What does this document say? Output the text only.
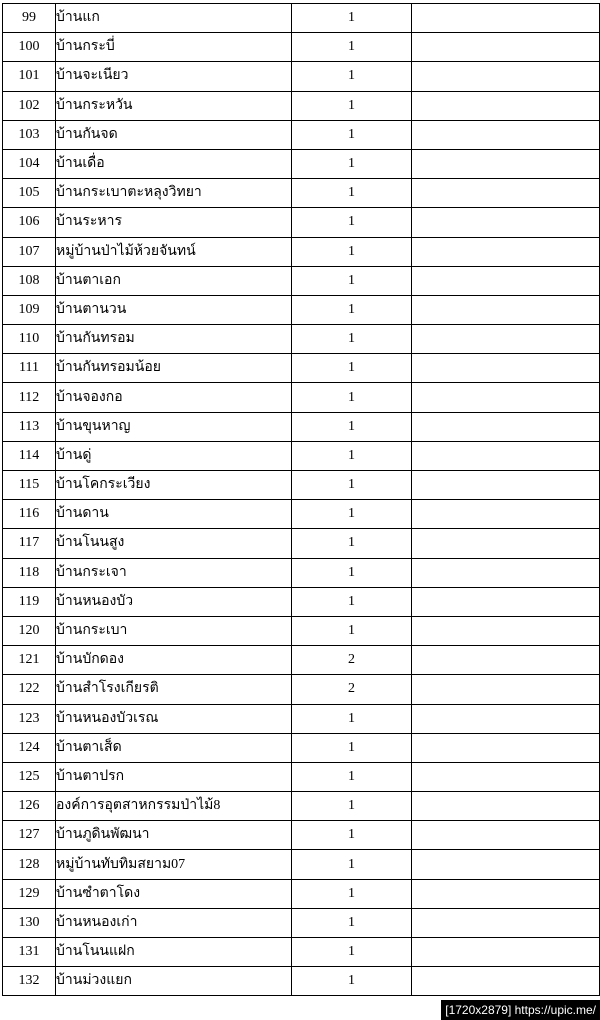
99	บ้านแก	1	
100	บ้านกระบี่	1	
101	บ้านจะเนียว	1	
102	บ้านกระหวัน	1	
103	บ้านกันจด	1	
104	บ้านเดื่อ	1	
105	บ้านกระเบาตะหลุงวิทยา	1	
106	บ้านระหาร	1	
107	หมู่บ้านป่าไม้ห้วยจันทน์	1	
108	บ้านตาเอก	1	
109	บ้านตานวน	1	
110	บ้านกันทรอม	1	
111	บ้านกันทรอมน้อย	1	
112	บ้านจองกอ	1	
113	บ้านขุนหาญ	1	
114	บ้านดู่	1	
115	บ้านโคกระเวียง	1	
116	บ้านดาน	1	
117	บ้านโนนสูง	1	
118	บ้านกระเจา	1	
119	บ้านหนองบัว	1	
120	บ้านกระเบา	1	
121	บ้านบักดอง	2	
122	บ้านสำโรงเกียรติ	2	
123	บ้านหนองบัวเรณ	1	
124	บ้านตาเส็ด	1	
125	บ้านตาปรก	1	
126	องค์การอุตสาหกรรมป่าไม้8	1	
127	บ้านภูดินพัฒนา	1	
128	หมู่บ้านทับทิมสยาม07	1	
129	บ้านซำตาโดง	1	
130	บ้านหนองเก่า	1	
131	บ้านโนนแฝก	1	
132	บ้านม่วงแยก	1	
[1720x2879] https://upic.me/
